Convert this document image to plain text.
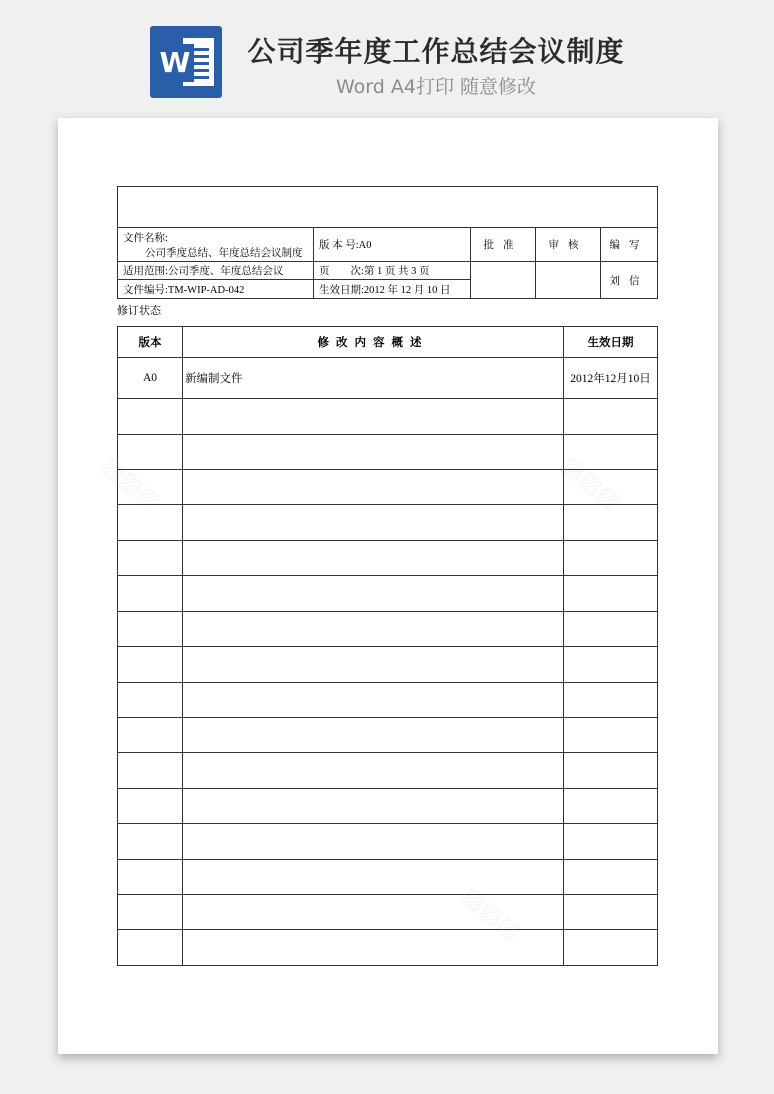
W	公司季年度工作总结会议制度
Word A4打印 随意修改

文件名称:
公司季度总结、年度总结会议制度	版 本 号:A0	批准	审核	编写
适用范围:公司季度、年度总结会议	页　　次:第 1 页 共 3 页			刘信
文件编号:TM-WIP-AD-042	生效日期:2012 年 12 月 10 日			
修订状态
版本	修改内容概述	生效日期
A0	新编制文件	2012年12月10日
